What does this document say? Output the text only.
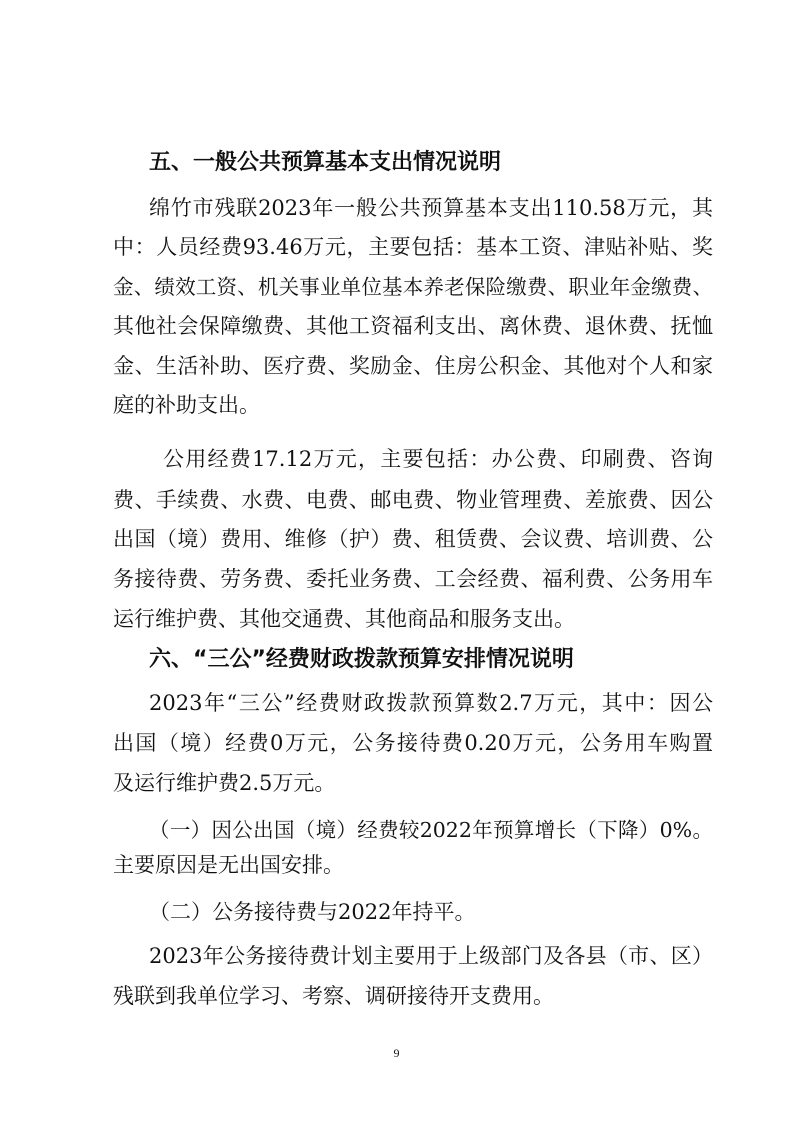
五、一般公共预算基本支出情况说明
绵竹市残联2023年一般公共预算基本支出110.58万元，其
中：人员经费93.46万元，主要包括：基本工资、津贴补贴、奖
金、绩效工资、机关事业单位基本养老保险缴费、职业年金缴费、
其他社会保障缴费、其他工资福利支出、离休费、退休费、抚恤
金、生活补助、医疗费、奖励金、住房公积金、其他对个人和家
庭的补助支出。
公用经费17.12万元，主要包括：办公费、印刷费、咨询
费、手续费、水费、电费、邮电费、物业管理费、差旅费、因公
出国（境）费用、维修（护）费、租赁费、会议费、培训费、公
务接待费、劳务费、委托业务费、工会经费、福利费、公务用车
运行维护费、其他交通费、其他商品和服务支出。
六、“三公”经费财政拨款预算安排情况说明
2023年“三公”经费财政拨款预算数2.7万元，其中：因公
出国（境）经费0万元，公务接待费0.20万元，公务用车购置
及运行维护费2.5万元。
（一）因公出国（境）经费较2022年预算增长（下降）0%。
主要原因是无出国安排。
（二）公务接待费与2022年持平。
2023年公务接待费计划主要用于上级部门及各县（市、区）
残联到我单位学习、考察、调研接待开支费用。
9
